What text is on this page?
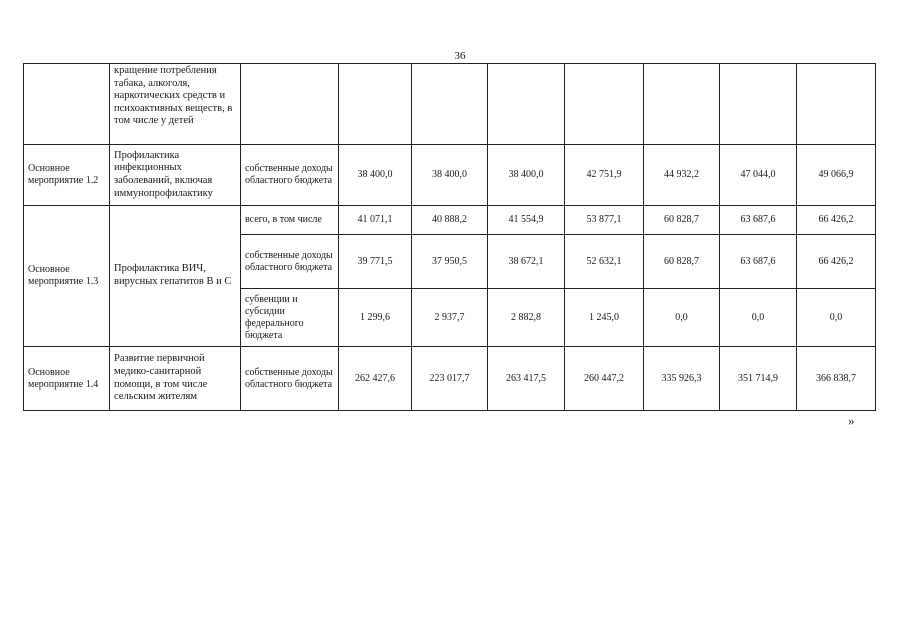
36
	кращение потребления табака, алкоголя, наркотических средств и психоактивных веществ, в том числе у детей								
Основное мероприятие 1.2	Профилактика инфекционных заболеваний, включая иммунопрофилактику	собственные доходы областного бюджета	38 400,0	38 400,0	38 400,0	42 751,9	44 932,2	47 044,0	49 066,9
Основное мероприятие 1.3	Профилактика ВИЧ, вирусных гепатитов B и C	всего, в том числе	41 071,1	40 888,2	41 554,9	53 877,1	60 828,7	63 687,6	66 426,2
		собственные доходы областного бюджета	39 771,5	37 950,5	38 672,1	52 632,1	60 828,7	63 687,6	66 426,2
		субвенции и субсидии федерального бюджета	1 299,6	2 937,7	2 882,8	1 245,0	0,0	0,0	0,0
Основное мероприятие 1.4	Развитие первичной медико-санитарной помощи, в том числе сельским жителям	собственные доходы областного бюджета	262 427,6	223 017,7	263 417,5	260 447,2	335 926,3	351 714,9	366 838,7
»
